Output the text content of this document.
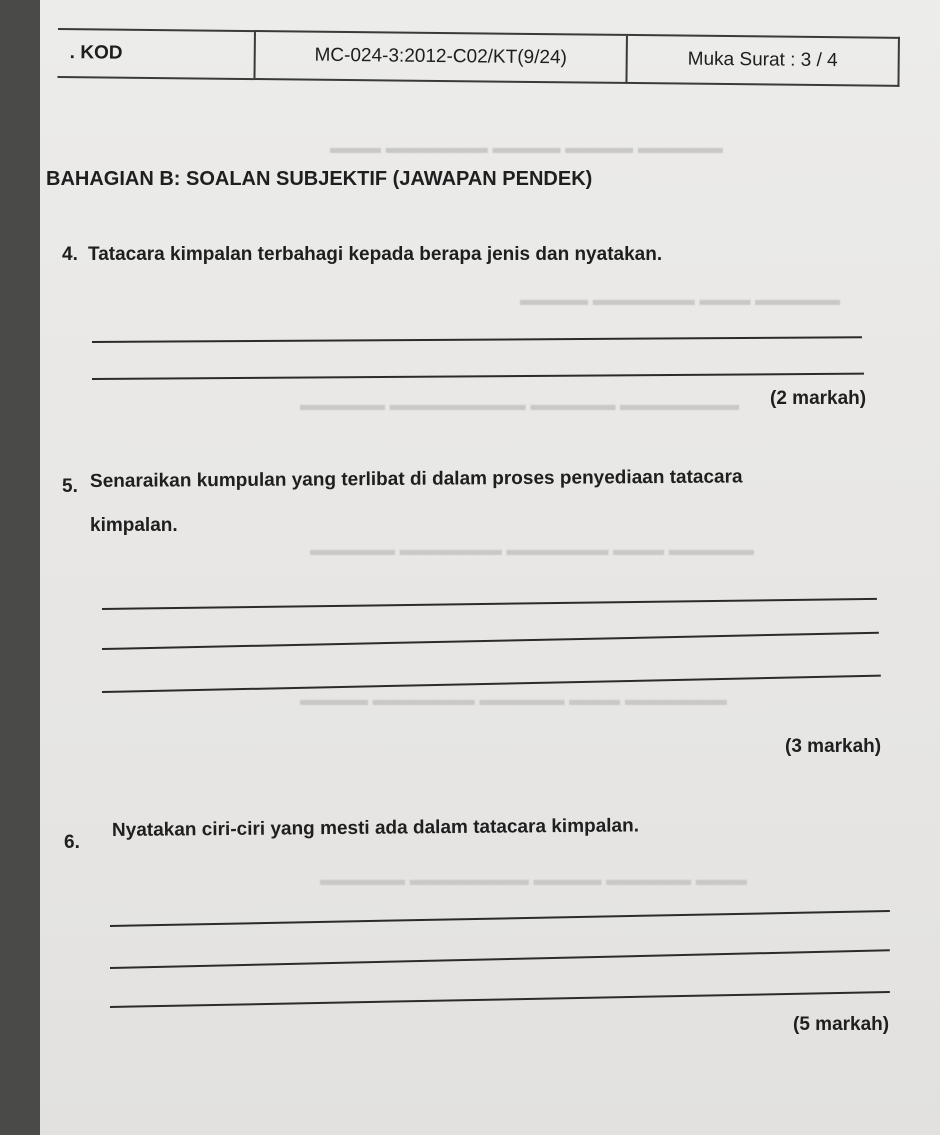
▬▬▬ ▬▬▬▬▬▬ ▬▬▬▬ ▬▬▬▬ ▬▬▬▬▬
▬▬▬▬ ▬▬▬▬▬▬ ▬▬▬ ▬▬▬▬▬
▬▬▬▬▬ ▬▬▬▬▬▬▬▬ ▬▬▬▬▬ ▬▬▬▬▬▬▬
▬▬▬▬▬ ▬▬▬▬▬▬ ▬▬▬▬▬▬ ▬▬▬ ▬▬▬▬▬
▬▬▬▬ ▬▬▬▬▬▬ ▬▬▬▬▬ ▬▬▬ ▬▬▬▬▬▬
▬▬▬▬▬ ▬▬▬▬▬▬▬ ▬▬▬▬ ▬▬▬▬▬ ▬▬▬
. KOD	MC-024-3:2012-C02/KT(9/24)	Muka Surat : 3 / 4
BAHAGIAN B: SOALAN SUBJEKTIF (JAWAPAN PENDEK)
4. Tatacara kimpalan terbahagi kepada berapa jenis dan nyatakan.
(2 markah)
5. Senaraikan kumpulan yang terlibat di dalam proses penyediaan tatacara
kimpalan.
(3 markah)
6.
Nyatakan ciri-ciri yang mesti ada dalam tatacara kimpalan.
(5 markah)
